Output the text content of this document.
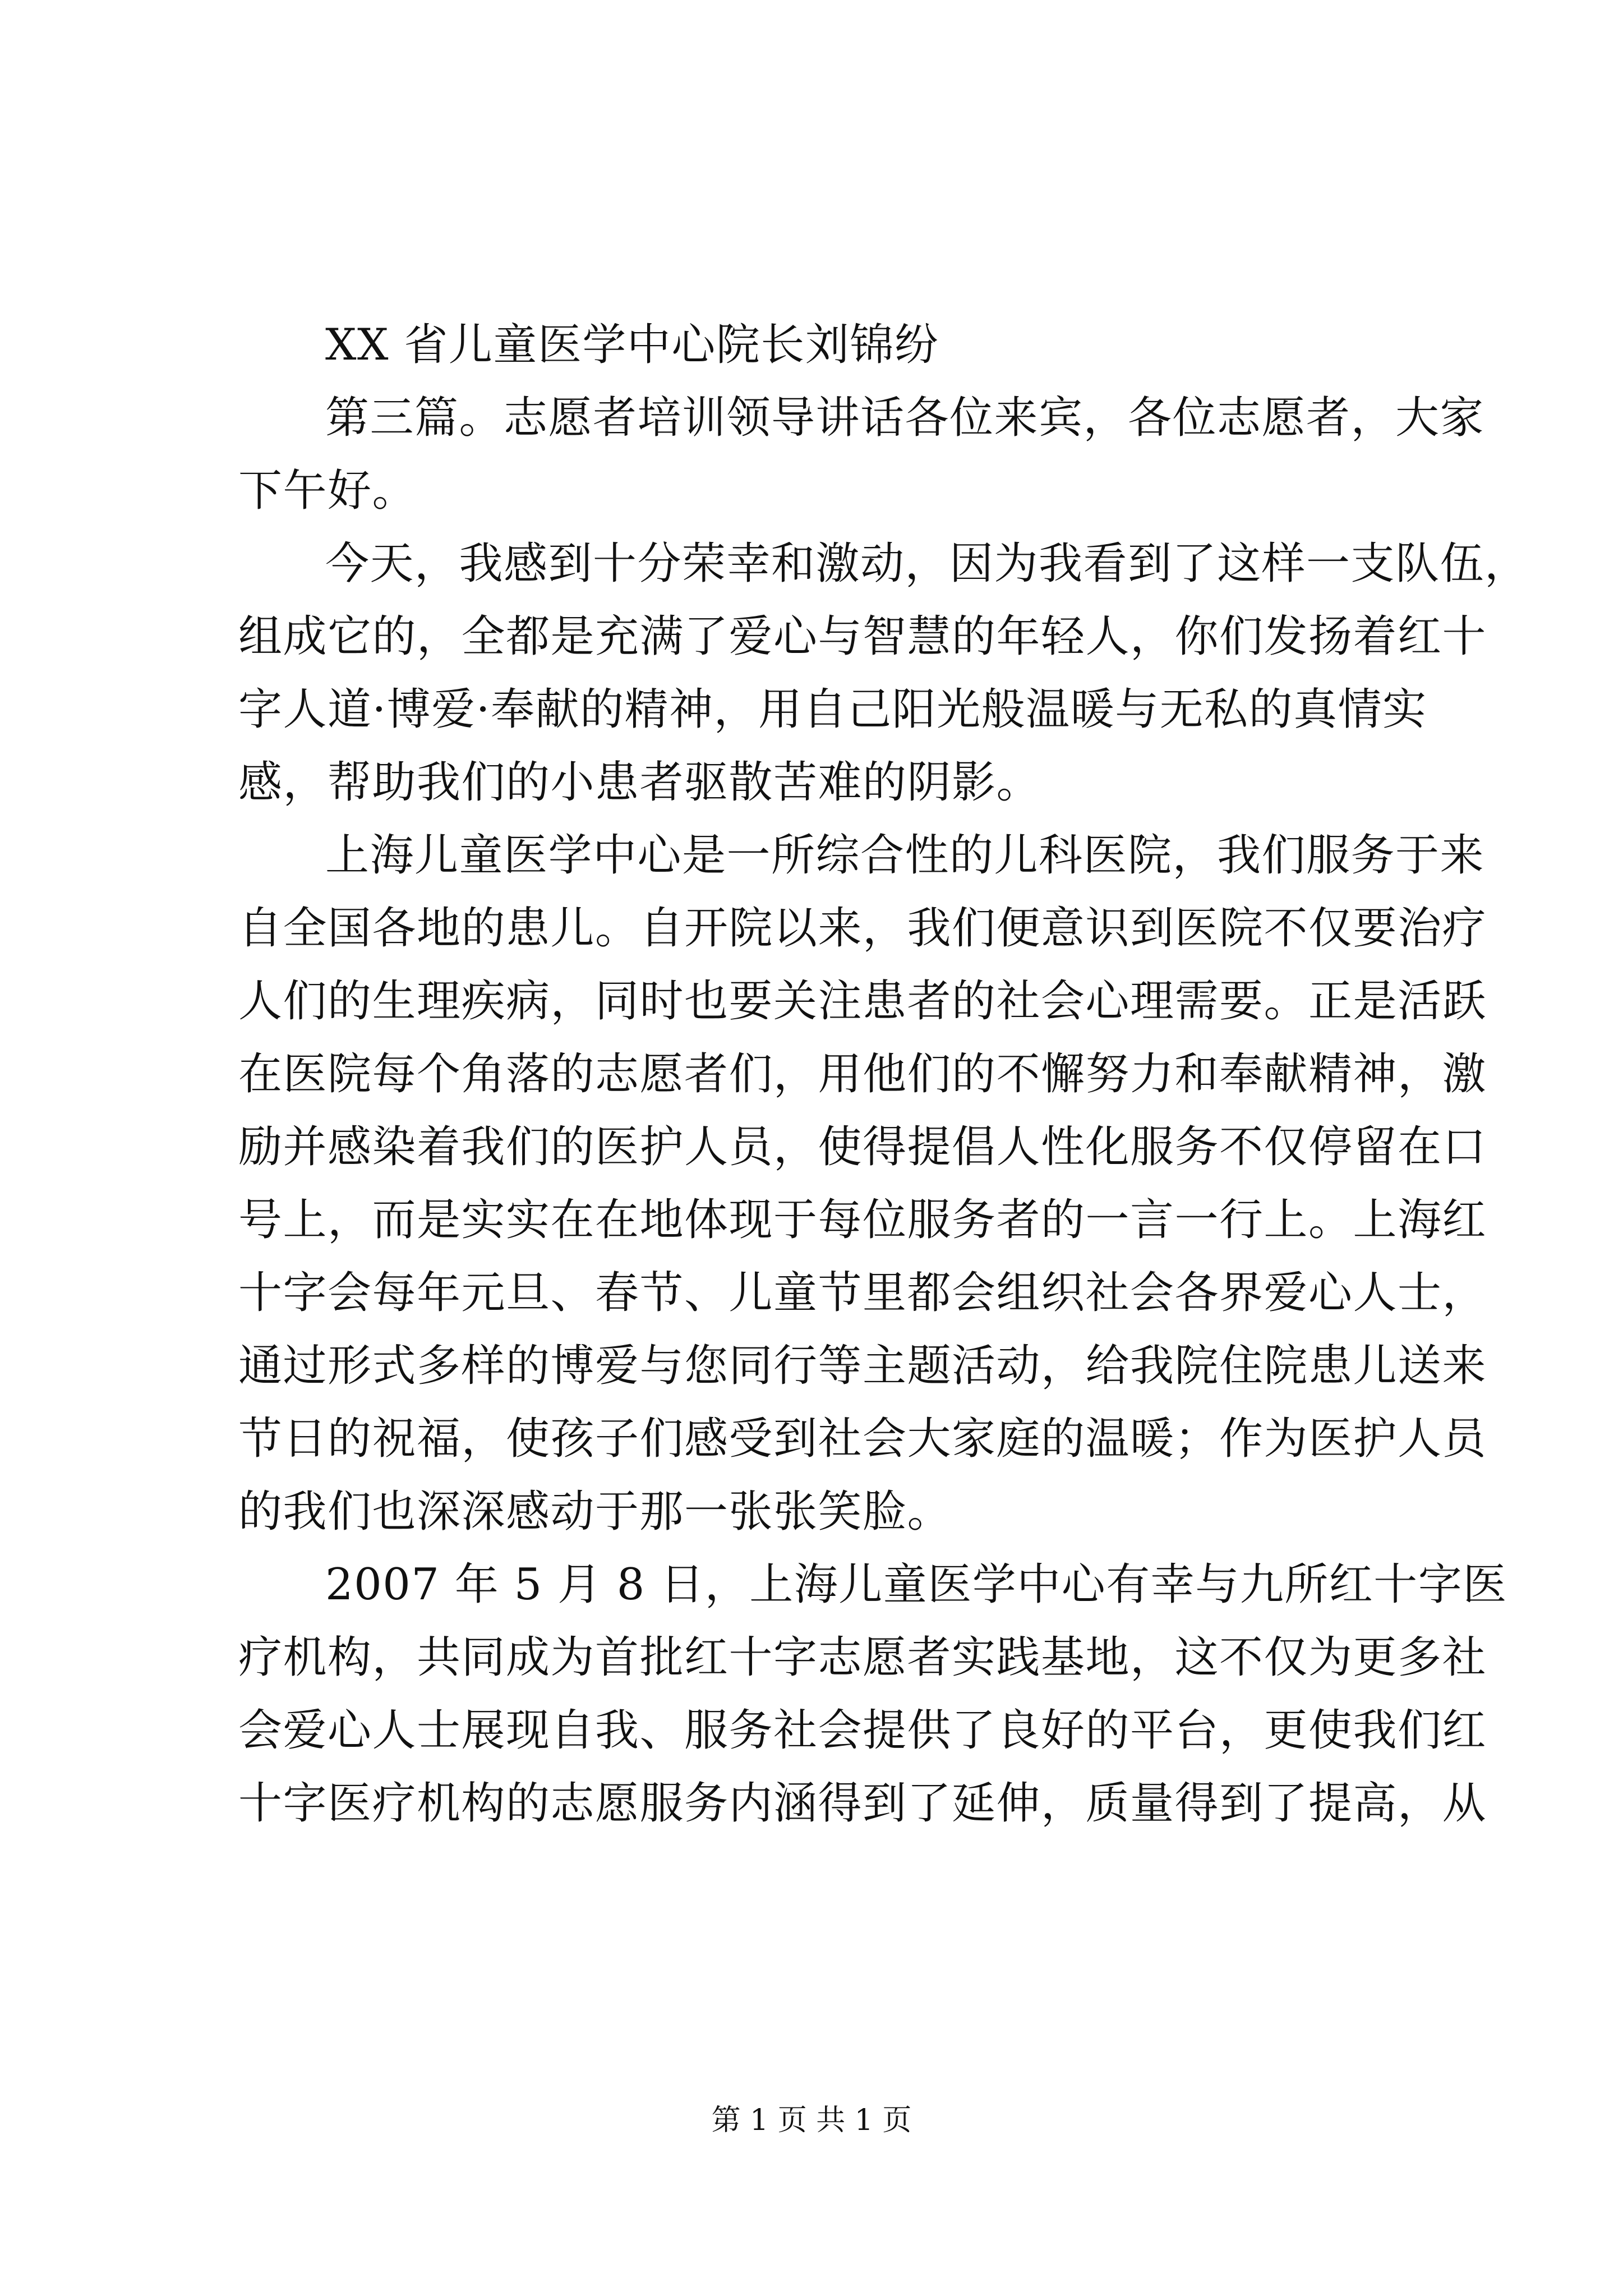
XX 省儿童医学中心院长刘锦纷
第三篇。志愿者培训领导讲话各位来宾，各位志愿者，大家
下午好。
今天，我感到十分荣幸和激动，因为我看到了这样一支队伍，
组成它的，全都是充满了爱心与智慧的年轻人，你们发扬着红十
字人道·博爱·奉献的精神，用自己阳光般温暖与无私的真情实
感，帮助我们的小患者驱散苦难的阴影。
上海儿童医学中心是一所综合性的儿科医院，我们服务于来
自全国各地的患儿。自开院以来，我们便意识到医院不仅要治疗
人们的生理疾病，同时也要关注患者的社会心理需要。正是活跃
在医院每个角落的志愿者们，用他们的不懈努力和奉献精神，激
励并感染着我们的医护人员，使得提倡人性化服务不仅停留在口
号上，而是实实在在地体现于每位服务者的一言一行上。上海红
十字会每年元旦、春节、儿童节里都会组织社会各界爱心人士，
通过形式多样的博爱与您同行等主题活动，给我院住院患儿送来
节日的祝福，使孩子们感受到社会大家庭的温暖；作为医护人员
的我们也深深感动于那一张张笑脸。
2007 年 5 月 8 日，上海儿童医学中心有幸与九所红十字医
疗机构，共同成为首批红十字志愿者实践基地，这不仅为更多社
会爱心人士展现自我、服务社会提供了良好的平台，更使我们红
十字医疗机构的志愿服务内涵得到了延伸，质量得到了提高，从
第 1 页 共 1 页
